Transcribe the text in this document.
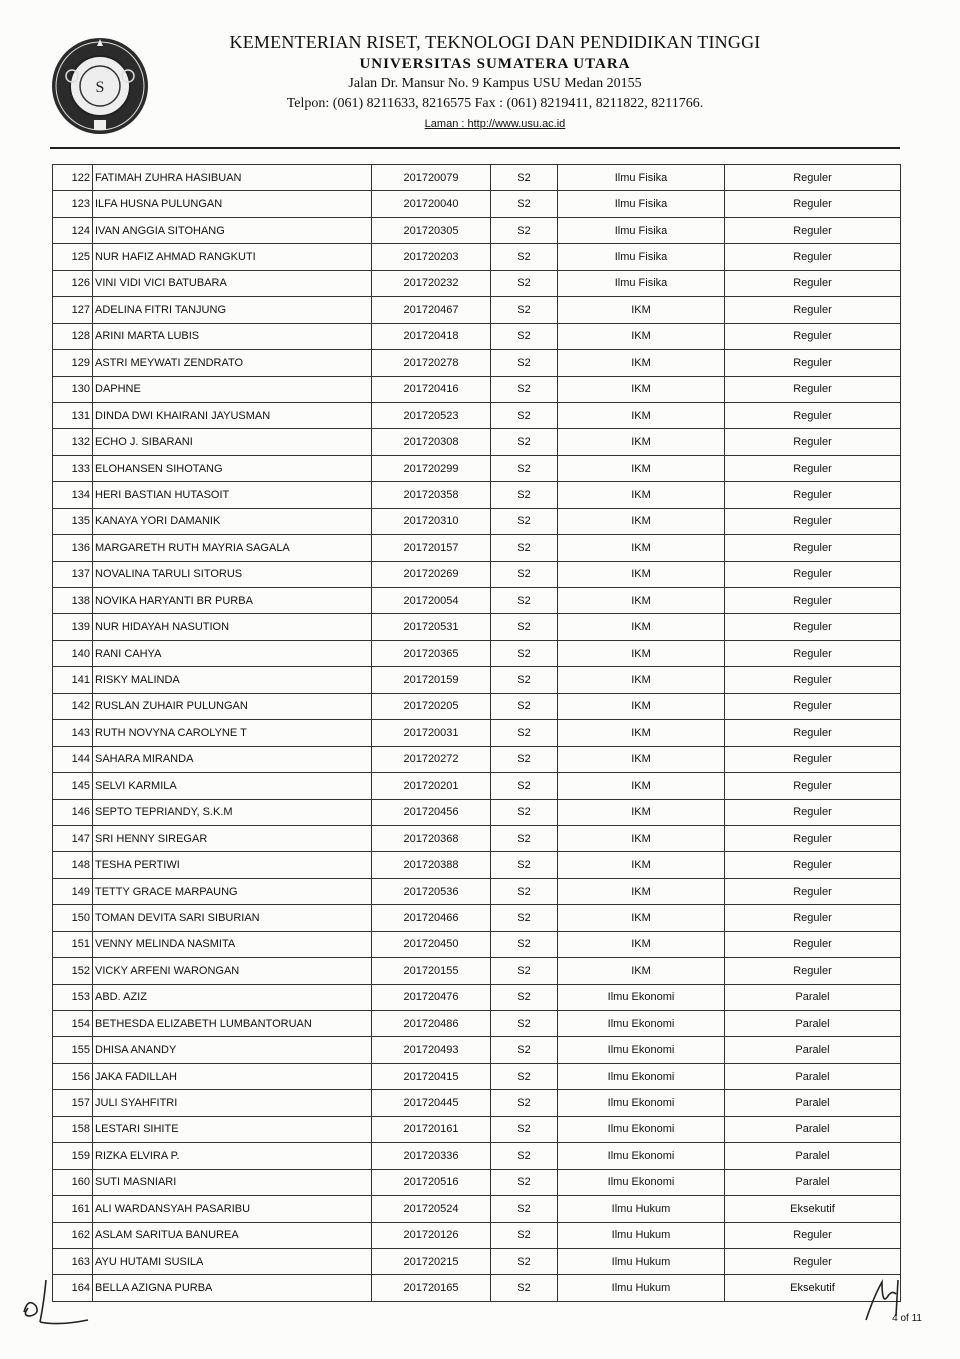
S
KEMENTERIAN RISET, TEKNOLOGI DAN PENDIDIKAN TINGGI
UNIVERSITAS SUMATERA UTARA
Jalan Dr. Mansur No. 9 Kampus USU Medan 20155
Telpon: (061) 8211633, 8216575 Fax : (061) 8219411, 8211822, 8211766.
Laman : http://www.usu.ac.id
122	FATIMAH ZUHRA HASIBUAN	201720079	S2	Ilmu Fisika	Reguler
123	ILFA HUSNA PULUNGAN	201720040	S2	Ilmu Fisika	Reguler
124	IVAN ANGGIA SITOHANG	201720305	S2	Ilmu Fisika	Reguler
125	NUR HAFIZ AHMAD RANGKUTI	201720203	S2	Ilmu Fisika	Reguler
126	VINI VIDI VICI BATUBARA	201720232	S2	Ilmu Fisika	Reguler
127	ADELINA FITRI TANJUNG	201720467	S2	IKM	Reguler
128	ARINI MARTA LUBIS	201720418	S2	IKM	Reguler
129	ASTRI MEYWATI ZENDRATO	201720278	S2	IKM	Reguler
130	DAPHNE	201720416	S2	IKM	Reguler
131	DINDA DWI KHAIRANI JAYUSMAN	201720523	S2	IKM	Reguler
132	ECHO J. SIBARANI	201720308	S2	IKM	Reguler
133	ELOHANSEN SIHOTANG	201720299	S2	IKM	Reguler
134	HERI BASTIAN HUTASOIT	201720358	S2	IKM	Reguler
135	KANAYA YORI DAMANIK	201720310	S2	IKM	Reguler
136	MARGARETH RUTH MAYRIA SAGALA	201720157	S2	IKM	Reguler
137	NOVALINA TARULI SITORUS	201720269	S2	IKM	Reguler
138	NOVIKA HARYANTI BR PURBA	201720054	S2	IKM	Reguler
139	NUR HIDAYAH NASUTION	201720531	S2	IKM	Reguler
140	RANI CAHYA	201720365	S2	IKM	Reguler
141	RISKY MALINDA	201720159	S2	IKM	Reguler
142	RUSLAN ZUHAIR PULUNGAN	201720205	S2	IKM	Reguler
143	RUTH NOVYNA CAROLYNE T	201720031	S2	IKM	Reguler
144	SAHARA MIRANDA	201720272	S2	IKM	Reguler
145	SELVI KARMILA	201720201	S2	IKM	Reguler
146	SEPTO TEPRIANDY, S.K.M	201720456	S2	IKM	Reguler
147	SRI HENNY SIREGAR	201720368	S2	IKM	Reguler
148	TESHA PERTIWI	201720388	S2	IKM	Reguler
149	TETTY GRACE MARPAUNG	201720536	S2	IKM	Reguler
150	TOMAN DEVITA SARI SIBURIAN	201720466	S2	IKM	Reguler
151	VENNY MELINDA NASMITA	201720450	S2	IKM	Reguler
152	VICKY ARFENI WARONGAN	201720155	S2	IKM	Reguler
153	ABD. AZIZ	201720476	S2	Ilmu Ekonomi	Paralel
154	BETHESDA ELIZABETH LUMBANTORUAN	201720486	S2	Ilmu Ekonomi	Paralel
155	DHISA ANANDY	201720493	S2	Ilmu Ekonomi	Paralel
156	JAKA FADILLAH	201720415	S2	Ilmu Ekonomi	Paralel
157	JULI SYAHFITRI	201720445	S2	Ilmu Ekonomi	Paralel
158	LESTARI SIHITE	201720161	S2	Ilmu Ekonomi	Paralel
159	RIZKA ELVIRA P.	201720336	S2	Ilmu Ekonomi	Paralel
160	SUTI MASNIARI	201720516	S2	Ilmu Ekonomi	Paralel
161	ALI WARDANSYAH PASARIBU	201720524	S2	Ilmu Hukum	Eksekutif
162	ASLAM SARITUA BANUREA	201720126	S2	Ilmu Hukum	Reguler
163	AYU HUTAMI SUSILA	201720215	S2	Ilmu Hukum	Reguler
164	BELLA AZIGNA PURBA	201720165	S2	Ilmu Hukum	Eksekutif
4 of 11
